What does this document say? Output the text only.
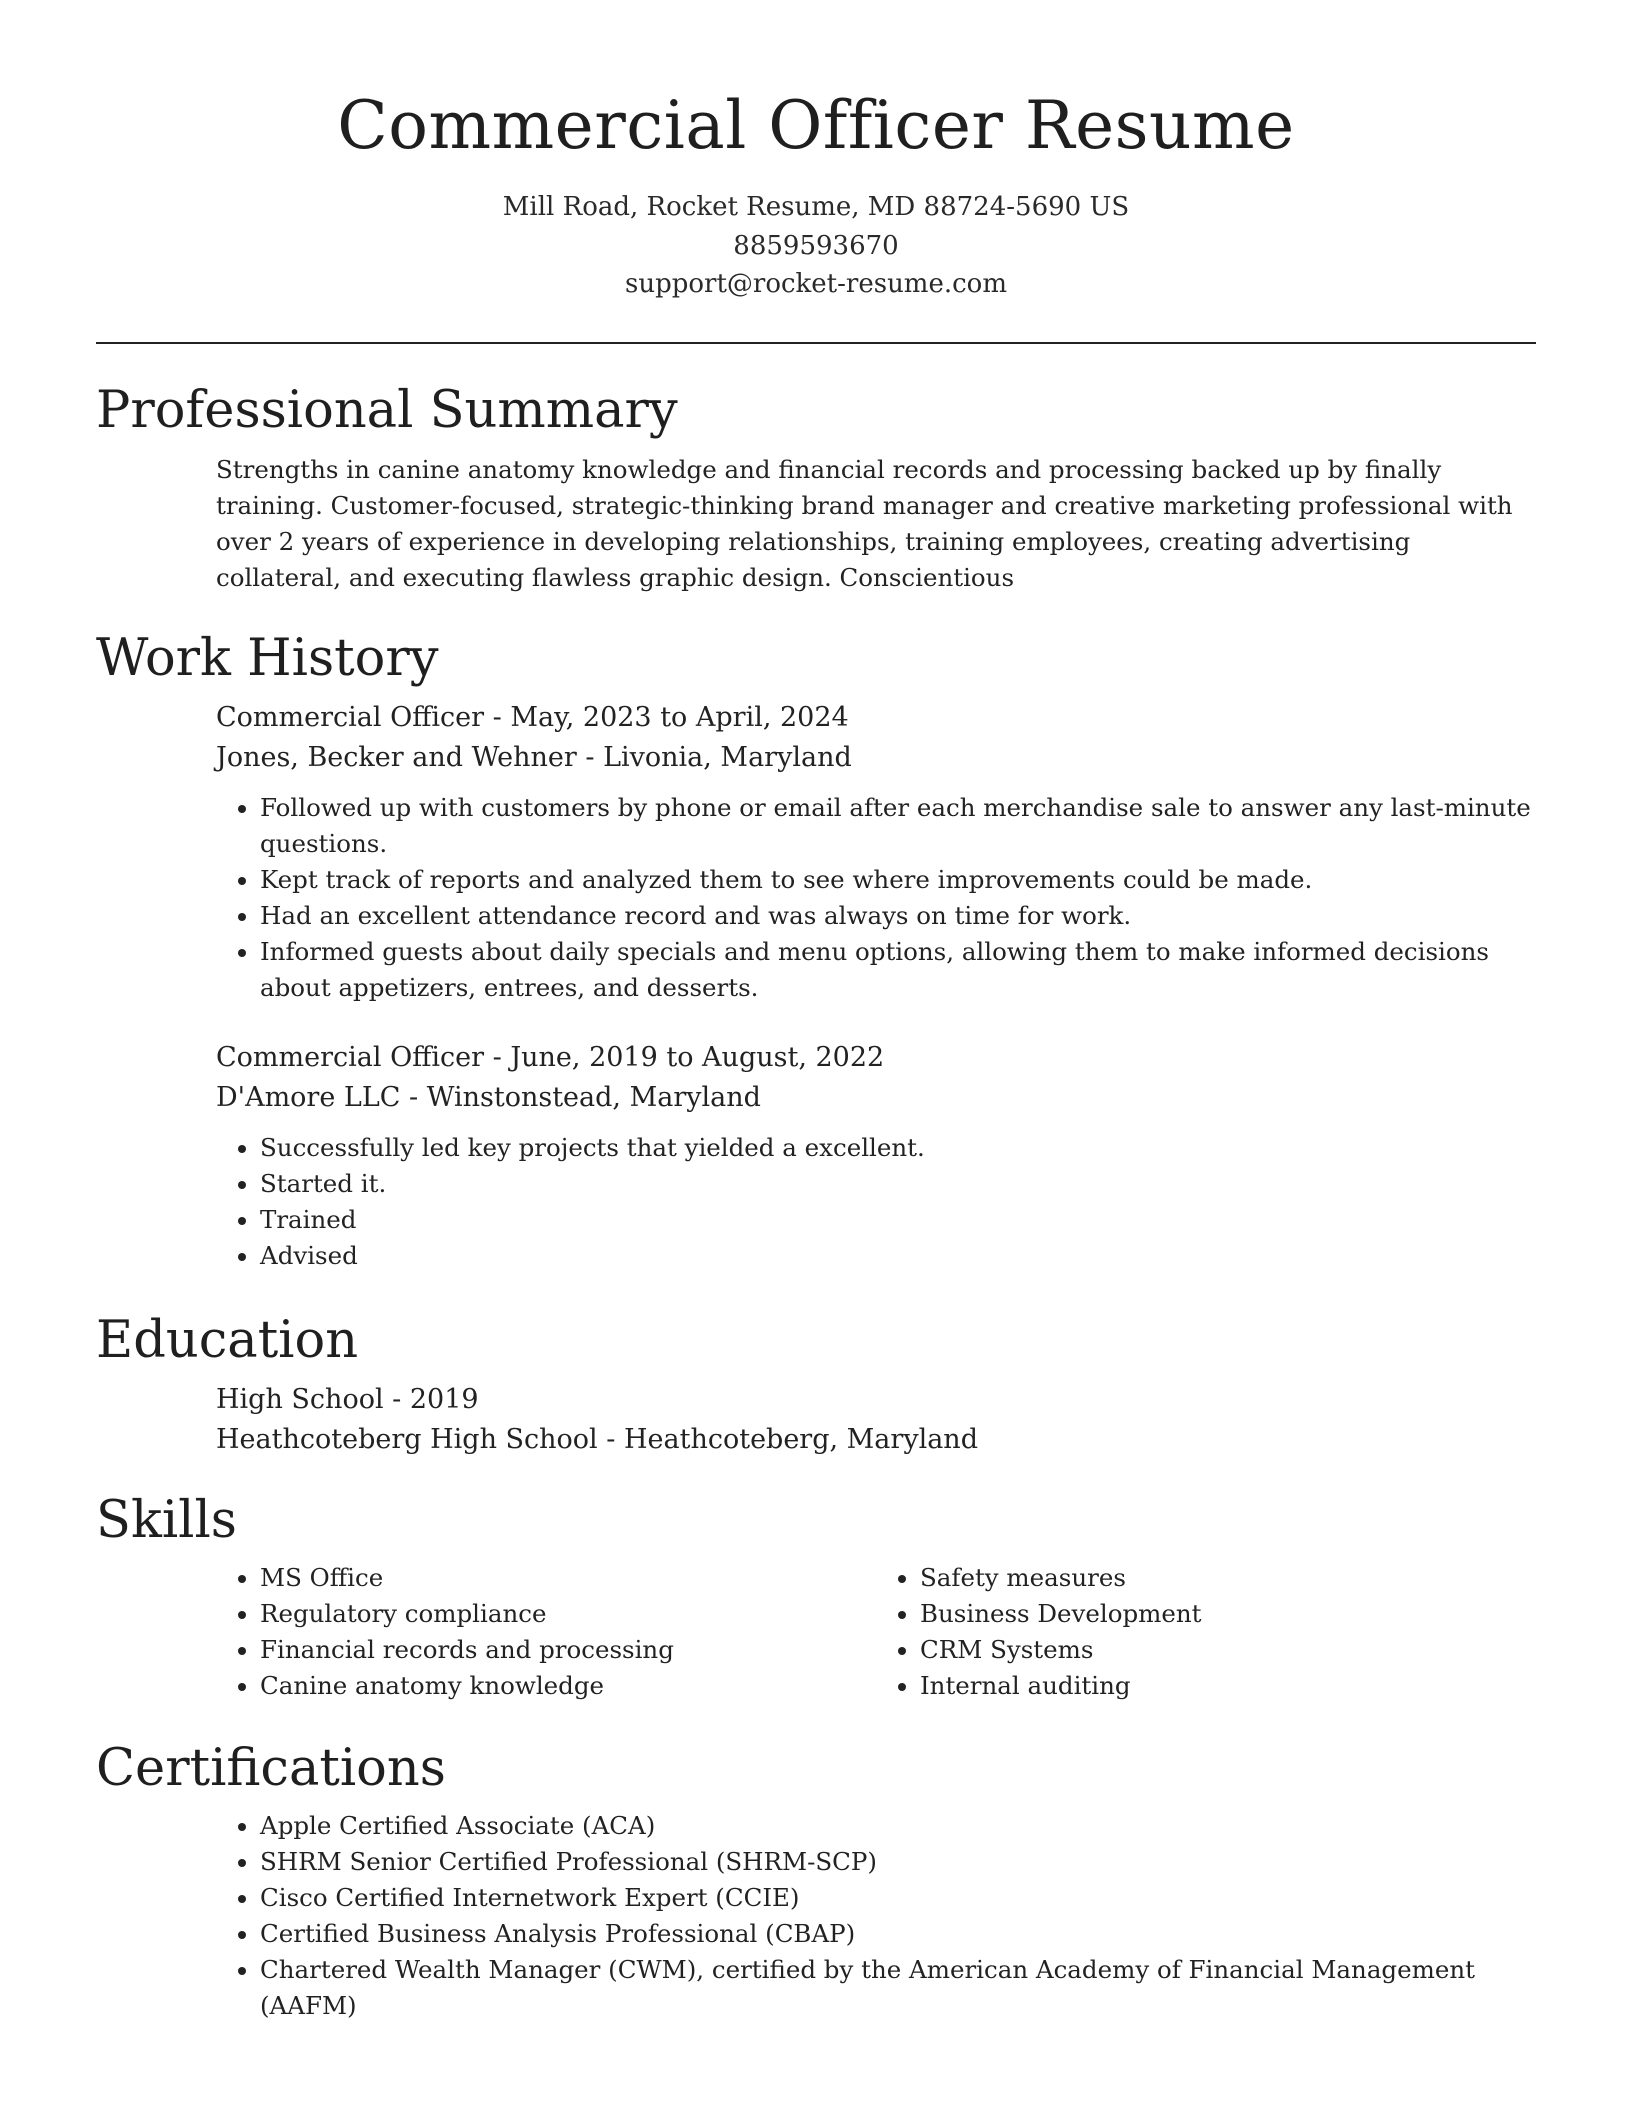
Commercial Officer Resume
Mill Road, Rocket Resume, MD 88724-5690 US
8859593670
support@rocket-resume.com
Professional Summary

Strengths in canine anatomy knowledge and financial records and processing backed up by finally training. Customer-focused, strategic-thinking brand manager and creative marketing professional with over 2 years of experience in developing relationships, training employees, creating advertising collateral, and executing flawless graphic design. Conscientious

Work History
Commercial Officer - May, 2023 to April, 2024
Jones, Becker and Wehner - Livonia, Maryland
• Followed up with customers by phone or email after each merchandise sale to answer any last-minute questions.
• Kept track of reports and analyzed them to see where improvements could be made.
• Had an excellent attendance record and was always on time for work.
• Informed guests about daily specials and menu options, allowing them to make informed decisions about appetizers, entrees, and desserts.
Commercial Officer - June, 2019 to August, 2022
D'Amore LLC - Winstonstead, Maryland
• Successfully led key projects that yielded a excellent.
• Started it.
• Trained
• Advised
Education
High School - 2019
Heathcoteberg High School - Heathcoteberg, Maryland
Skills
• MS Office
• Regulatory compliance
• Financial records and processing
• Canine anatomy knowledge
• Safety measures
• Business Development
• CRM Systems
• Internal auditing
Certifications
• Apple Certified Associate (ACA)
• SHRM Senior Certified Professional (SHRM-SCP)
• Cisco Certified Internetwork Expert (CCIE)
• Certified Business Analysis Professional (CBAP)
• Chartered Wealth Manager (CWM), certified by the American Academy of Financial Management (AAFM)
